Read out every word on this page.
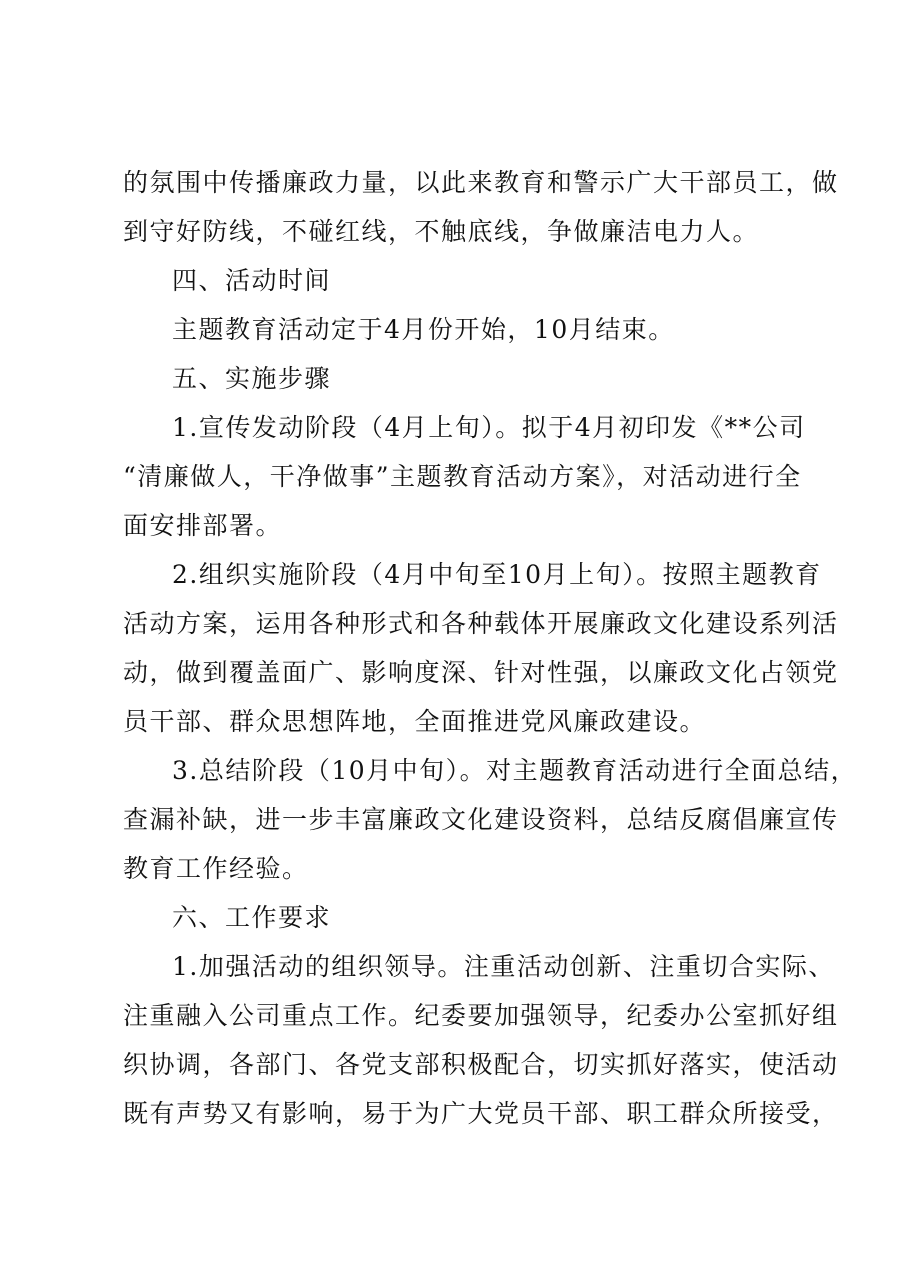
的氛围中传播廉政力量，以此来教育和警示广大干部员工，做
到守好防线，不碰红线，不触底线，争做廉洁电力人。
四、活动时间
主题教育活动定于4月份开始，10月结束。
五、实施步骤
1.宣传发动阶段（4月上旬）。拟于4月初印发《**公司
“清廉做人，干净做事”主题教育活动方案》，对活动进行全
面安排部署。
2.组织实施阶段（4月中旬至10月上旬）。按照主题教育
活动方案，运用各种形式和各种载体开展廉政文化建设系列活
动，做到覆盖面广、影响度深、针对性强，以廉政文化占领党
员干部、群众思想阵地，全面推进党风廉政建设。
3.总结阶段（10月中旬）。对主题教育活动进行全面总结，
查漏补缺，进一步丰富廉政文化建设资料，总结反腐倡廉宣传
教育工作经验。
六、工作要求
1.加强活动的组织领导。注重活动创新、注重切合实际、
注重融入公司重点工作。纪委要加强领导，纪委办公室抓好组
织协调，各部门、各党支部积极配合，切实抓好落实，使活动
既有声势又有影响，易于为广大党员干部、职工群众所接受，
